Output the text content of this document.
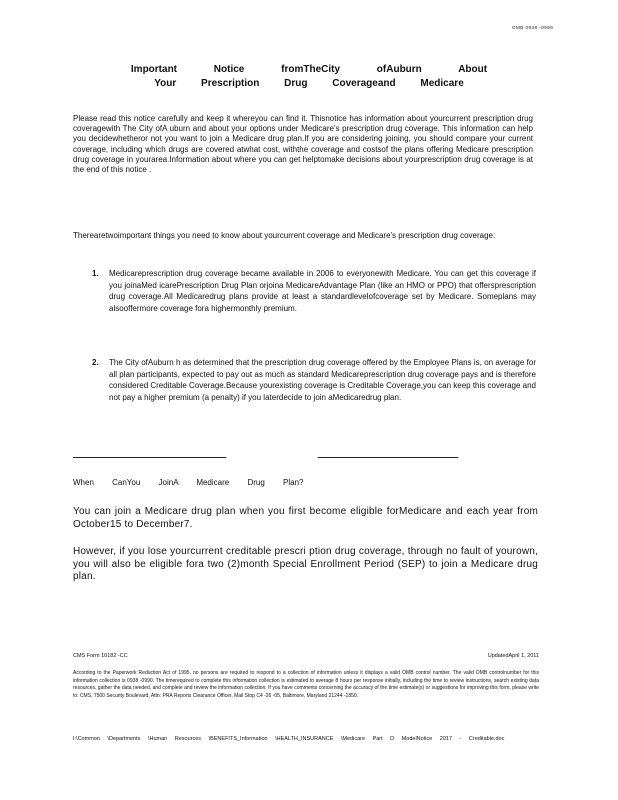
OMB 0938 -0990
Important Notice fromTheCity ofAuburn About
Your Prescription Drug Coverageand Medicare
Please read this notice carefully and keep it whereyou can find it. Thisnotice has information about yourcurrent prescription drug coveragewith The City ofA uburn and about your options under Medicare's prescription drug coverage. This information can help you decidewhetheror not you want to join a Medicare drug plan.If you are considering joining, you should compare your current coverage, including which drugs are covered atwhat cost, withthe coverage and costsof the plans offering Medicare prescription drug coverage in yourarea.Information about where you can get helptomake decisions about yourprescription drug coverage is at the end of this notice .
Therearetwoimportant things you need to know about yourcurrent coverage and Medicare's prescription drug coverage:
1. Medicareprescription drug coverage became available in 2006 to everyonewith Medicare. You can get this coverage if you joinaMed icarePrescription Drug Plan orjoina MedicareAdvantage Plan (like an HMO or PPO) that offersprescription drug coverage.All Medicaredrug plans provide at least a standardlevelofcoverage set by Medicare. Someplans may alsooffermore coverage fora highermonthly premium.
2. The City ofAuburn h as determined that the prescription drug coverage offered by the Employee Plans is, on average for all plan participants, expected to pay out as much as standard Medicareprescription drug coverage pays and is therefore considered Creditable Coverage.Because yourexisting coverage is Creditable Coverage,you can keep this coverage and not pay a higher premium (a penalty) if you laterdecide to join aMedicaredrug plan.
When CanYou JoinA Medicare Drug Plan?
You can join a Medicare drug plan when you first become eligible forMedicare and each year from October15 to December7.
However, if you lose yourcurrent creditable prescri ption drug coverage, through no fault of yourown, you will also be eligible fora two (2)month Special Enrollment Period (SEP) to join a Medicare drug plan.
CMS Form 10182 -CC	UpdatedApril 1, 2011
According to the Paperwork Reduction Act of 1995, no persons are required to respond to a collection of information unless it displays a valid OMB control number. The valid OMB controlnumber for this information collection is 0938 -0990. The timerequired to complete this information collection is estimated to average 8 hours per response initially, including the time to review instructions, search existing data resources, gather the data needed, and complete and review the information collection. If you have comments concerning the accuracy of the time estimate(s) or suggestions for improving this form, please write to: CMS, 7500 Security Boulevard, Attn: PRA Reports Clearance Officer, Mail Stop C4 -26 -05, Baltimore, Maryland 21244 -1850.
I:\Common \Departments \Human Resources \BENEFITS_Information \HEALTH_INSURANCE \Medicare Part D ModelNotice 2017 - Creditable.doc
